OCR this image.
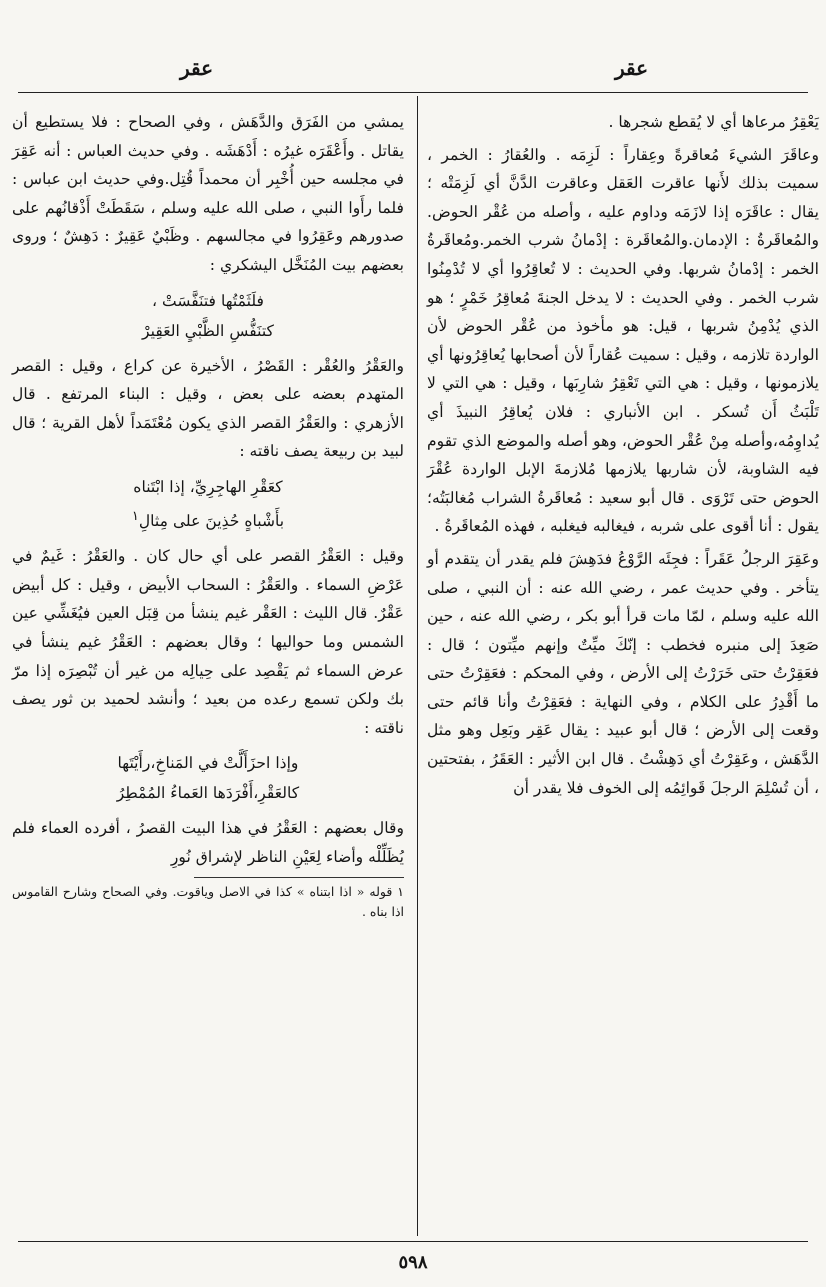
عقر	عقر

يَعْقِرُ مرعاها أي لا يُقطع شجرها .

وعاقَرَ الشيءَ مُعاقرةً وعِقاراً : لَزِمَه . والعُقارُ : الخمر ، سميت بذلك لأَنها عاقرت العَقل وعاقرت الدَّنَّ أي لَزِمَتْه ؛ يقال : عاقَرَه إذا لازَمَه وداوم عليه ، وأصله من عُقْر الحوض. والمُعاقَرةُ : الإدمان.والمُعاقَرة : إدْمانُ شرب الخمر.ومُعاقَرةُ الخمر : إدْمانُ شربها. وفي الحديث : لا تُعاقِرُوا أي لا تُدْمِنُوا شرب الخمر . وفي الحديث : لا يدخل الجنةَ مُعاقِرُ خَمْرٍ ؛ هو الذي يُدْمِنُ شربها ، قيل: هو مأخوذ من عُقْر الحوض لأن الواردة تلازمه ، وقيل : سميت عُقاراً لأن أصحابها يُعاقِرُونها أي يلازمونها ، وقيل : هي التي تَعْقِرُ شارِبَها ، وقيل : هي التي لا تَلْبَثُ أَن تُسكر . ابن الأنباري : فلان يُعاقِرُ النبيذَ أي يُداوِمُه،وأصله مِنْ عُقْر الحوض، وهو أصله والموضع الذي تقوم فيه الشاوبة، لأن شاربها يلازمها مُلازمةَ الإبل الواردة عُقْرَ الحوض حتى تَرْوَى . قال أبو سعيد : مُعاقَرةُ الشراب مُغالبَتُه؛ يقول : أنا أقوى على شربه ، فيغالبه فيغلبه ، فهذه المُعاقَرةُ .

وعَقِرَ الرجلُ عَقَراً : فجِئَه الرَّوْعُ فدَهِشَ فلم يقدر أن يتقدم أو يتأخر . وفي حديث عمر ، رضي الله عنه : أن النبي ، صلى الله عليه وسلم ، لمّا مات قرأ أبو بكر ، رضي الله عنه ، حين صَعِدَ إلى منبره فخطب : إنّكَ ميِّتٌ وإنهم ميِّتون ؛ قال : فعَقِرْتُ حتى خَرَرْتُ إلى الأرض ، وفي المحكم : فعَقِرْتُ حتى ما أَقْدِرُ على الكلام ، وفي النهاية : فعَقِرْتُ وأنا قائم حتى وقعت إلى الأرض ؛ قال أبو عبيد : يقال عَقِر وبَعِل وهو مثل الدَّهَش ، وعَقِرْتُ أي دَهِشْتُ . قال ابن الأثير : العَقَرُ ، بفتحتين ، أن تُسْلِمَ الرجلَ قَوائِمُه إلى الخوف فلا يقدر أن

يمشي من الفَرَق والدَّهَش ، وفي الصحاح : فلا يستطيع أن يقاتل . وأَعْقَرَه غيرُه : أَدْهَشَه . وفي حديث العباس : أنه عَقِرَ في مجلسه حين أُخْبِر أن محمداً قُتِل.وفي حديث ابن عباس : فلما رأَوا النبي ، صلى الله عليه وسلم ، سَقَطَتْ أَذْقانُهم على صدورهم وعَقِرُوا في مجالسهم . وظَبْيٌ عَقِيرٌ : دَهِشٌ ؛ وروى بعضهم بيت المُنَخَّل اليشكري :

فلَثَمْتُها فتنَفَّسَتْ ،
كتنَفُّسِ الظَّبْيِ العَقِيرْ

والعَقْرُ والعُقْر : القَصْرُ ، الأخيرة عن كراع ، وقيل : القصر المتهدم بعضه على بعض ، وقيل : البناء المرتفع . قال الأزهري : والعَقْرُ القصر الذي يكون مُعْتَمَداً لأهل القرية ؛ قال لبيد بن ربيعة يصف ناقته :

كعَقْرِ الهاجِرِيِّ، إذا ابْتَناه
بأَشْباهٍ حُذِينَ على مِثالِ$^١$

وقيل : العَقْرُ القصر على أي حال كان . والعَقْرُ : غَيمٌ في عَرْضِ السماء . والعَقْرُ : السحاب الأبيض ، وقيل : كل أبيض عَقْرٌ. قال الليث : العَقْر غيم ينشأ من قِبَل العين فيُغَشِّي عين الشمس وما حواليها ؛ وقال بعضهم : العَقْرُ غيم ينشأ في عرض السماء ثم يَقْصِد على حِيالِه من غير أن تُبْصِرَه إذا مرّ بك ولكن تسمع رعده من بعيد ؛ وأنشد لحميد بن ثور يصف ناقته :

وإذا احزَأَلَّتْ في المَناخِ،رأَيْتَها
كالعَقْرِ،أَفْرَدَها العَماءُ المُمْطِرُ

وقال بعضهم : العَقْرُ في هذا البيت القصرُ ، أفرده العماء فلم يُظَلِّلْه وأضاء لِعَيْنِ الناظر لإشراق نُورِ

١ قوله « اذا ابتناه » كذا في الاصل وياقوت. وفي الصحاح وشارح القاموس اذا بناه .
٥٩٨
